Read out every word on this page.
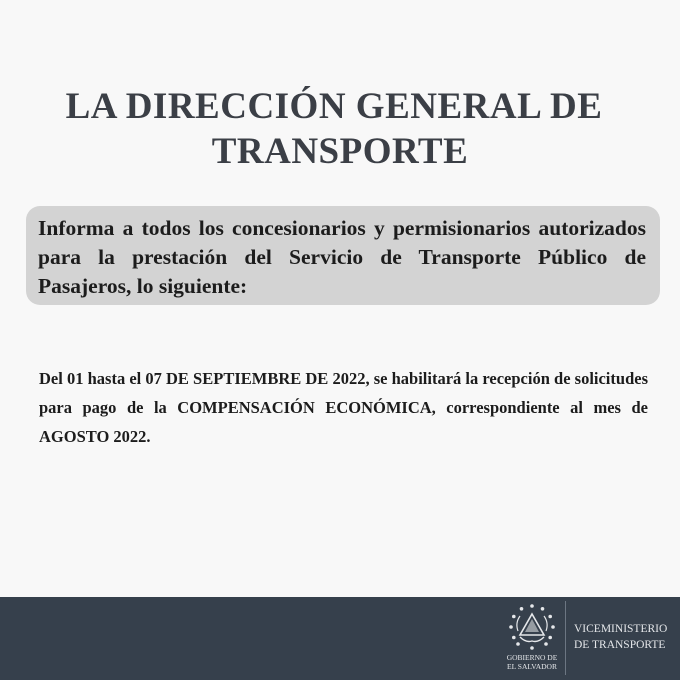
LA DIRECCIÓN GENERAL DE
TRANSPORTE

Informa a todos los concesionarios y permisionarios autorizados para la prestación del Servicio de Transporte Público de Pasajeros, lo siguiente:

Del 01 hasta el 07 DE SEPTIEMBRE DE 2022, se habilitará la recepción de solicitudes para pago de la COMPENSACIÓN ECONÓMICA, correspondiente al mes de AGOSTO 2022.

GOBIERNO DE
EL SALVADOR
VICEMINISTERIO
DE TRANSPORTE
